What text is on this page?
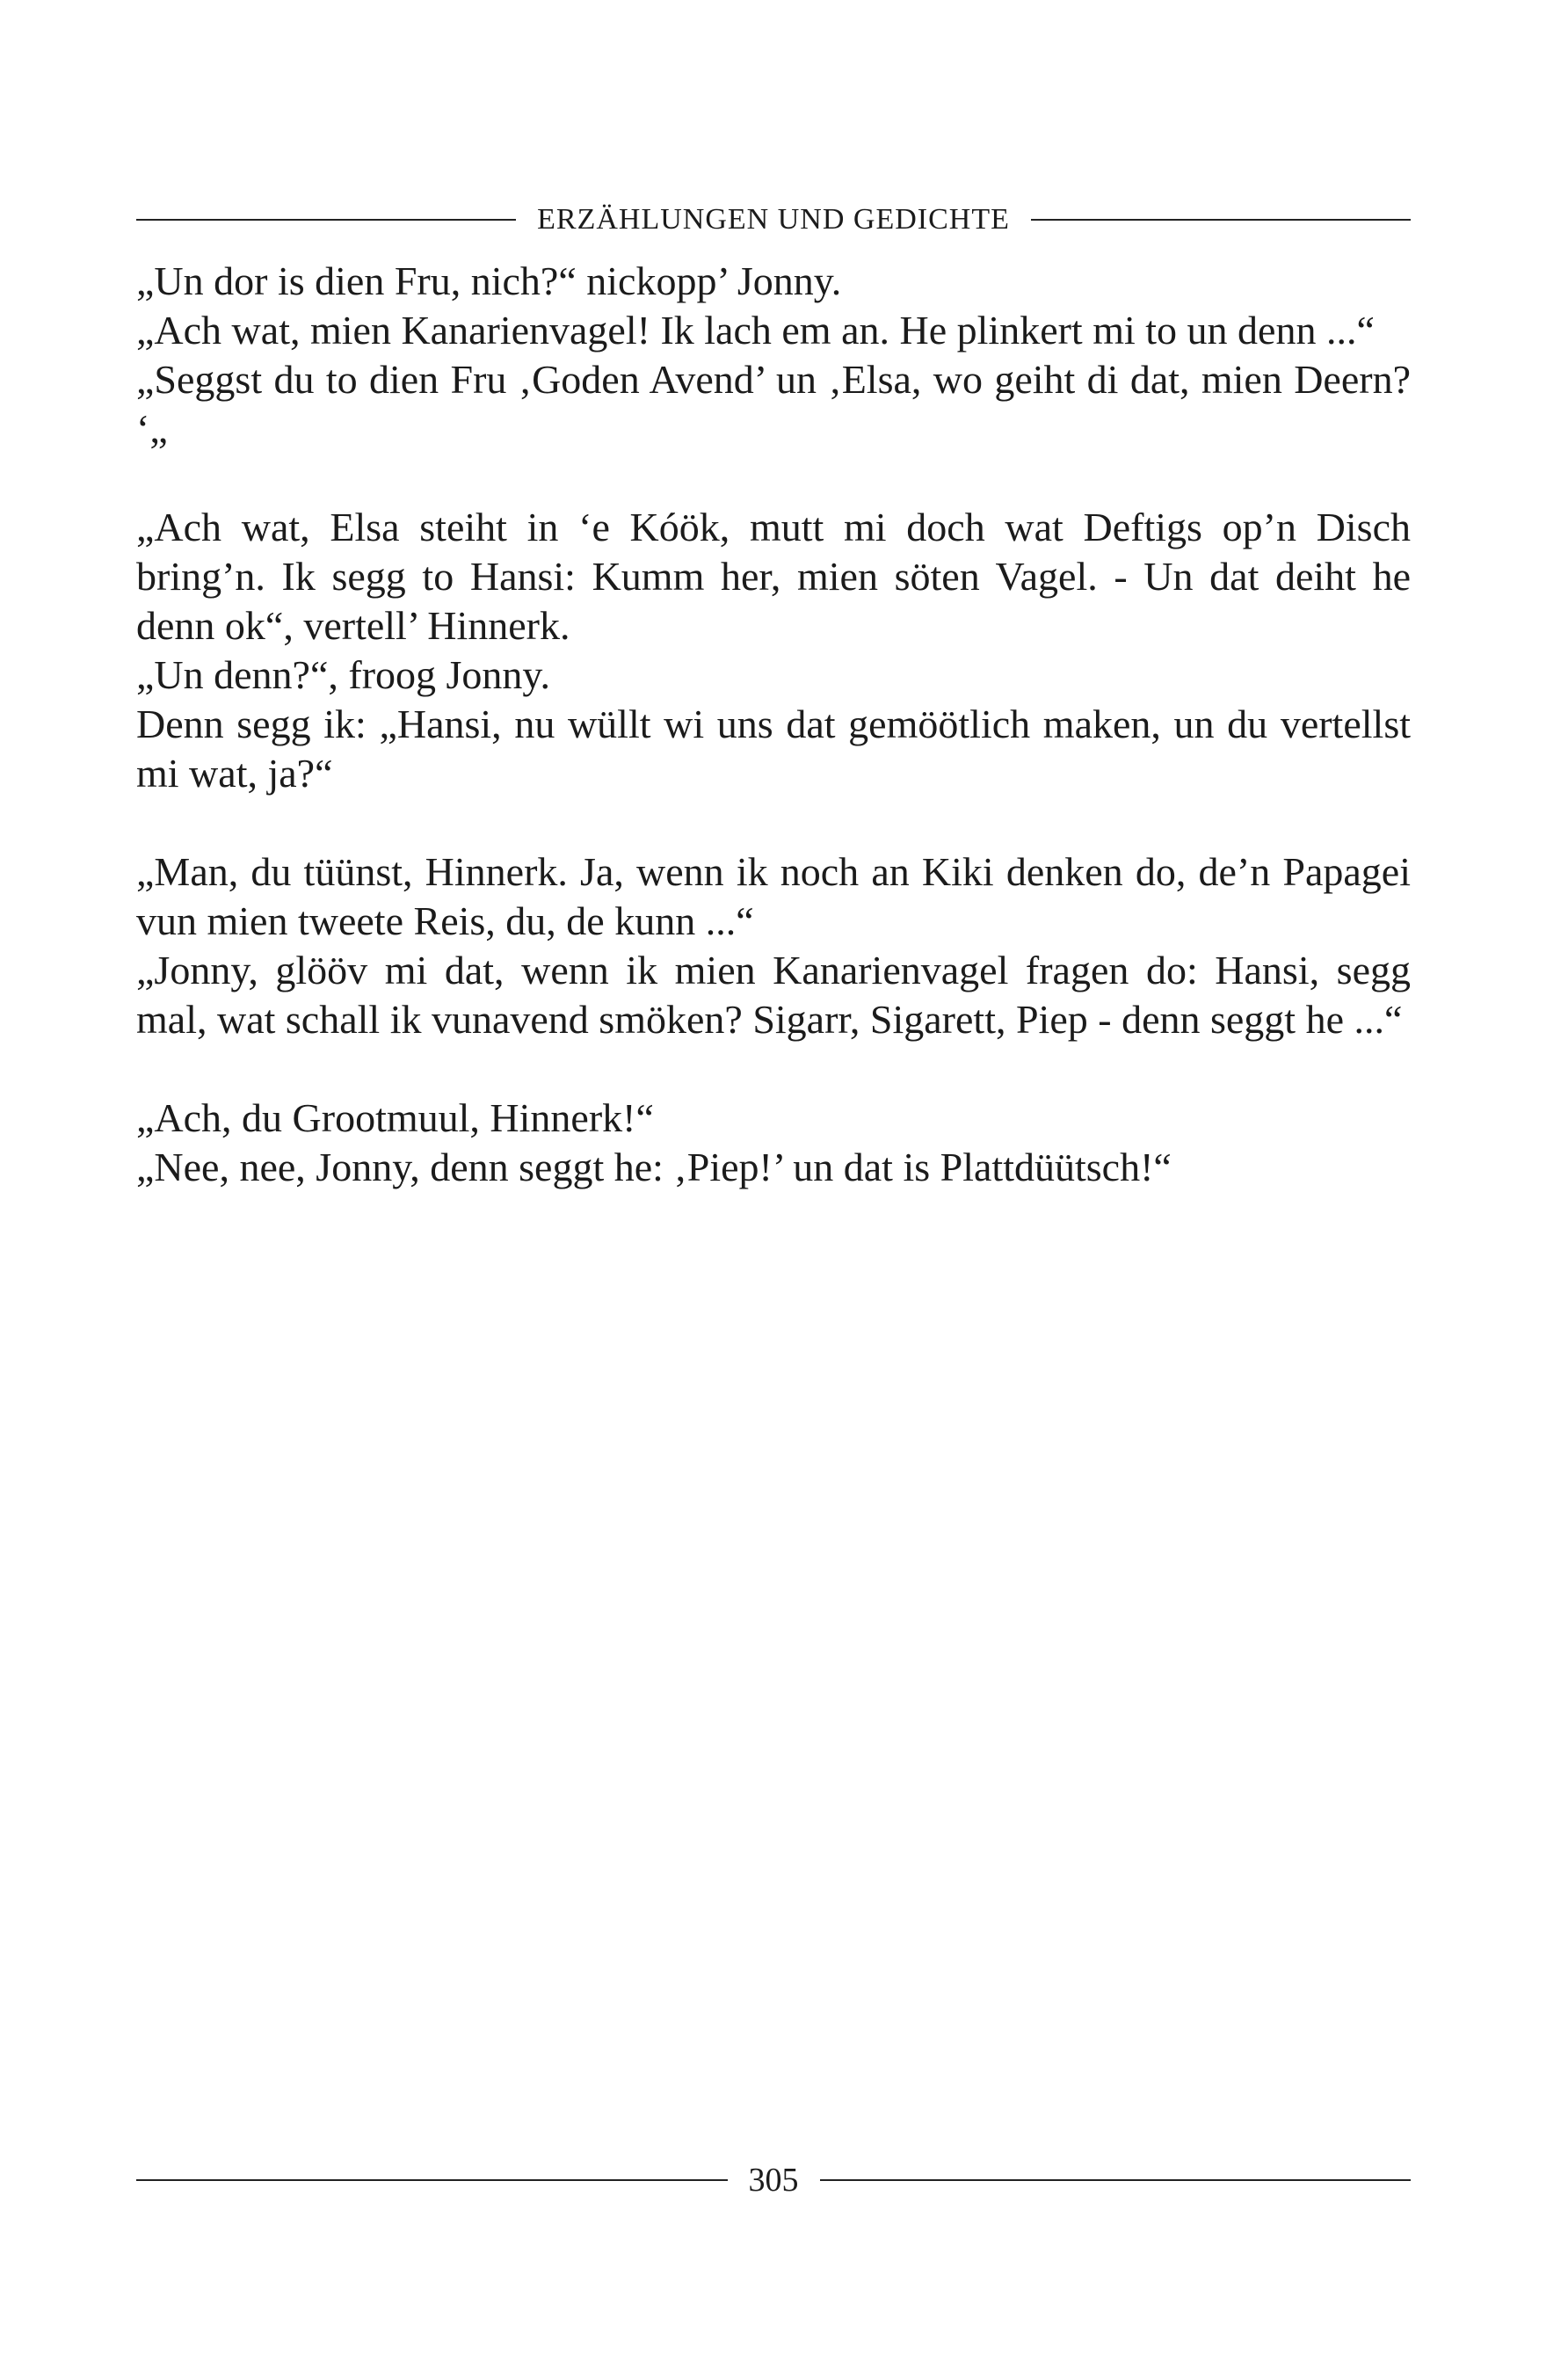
ERZÄHLUNGEN UND GEDICHTE

„Un dor is dien Fru, nich?“ nickopp’ Jonny.

„Ach wat, mien Kanarienvagel! Ik lach em an. He plinkert mi to un denn ...“

„Seggst du to dien Fru ‚Goden Avend’ un ‚Elsa, wo geiht di dat, mien Deern? ‘„

„Ach wat, Elsa steiht in ‘e Kóök, mutt mi doch wat Deftigs op’n Disch bring’n. Ik segg to Hansi: Kumm her, mien söten Vagel. - Un dat deiht he denn ok“, vertell’ Hinnerk.

„Un denn?“, froog Jonny.

Denn segg ik: „Hansi, nu wüllt wi uns dat gemöötlich maken, un du vertellst mi wat, ja?“

„Man, du tüünst, Hinnerk. Ja, wenn ik noch an Kiki denken do, de’n Papagei vun mien tweete Reis, du, de kunn ...“

„Jonny, glööv mi dat, wenn ik mien Kanarienvagel fragen do: Hansi, segg mal, wat schall ik vunavend smöken? Sigarr, Sigarett, Piep - denn seggt he ...“

„Ach, du Grootmuul, Hinnerk!“

„Nee, nee, Jonny, denn seggt he: ‚Piep!’ un dat is Plattdüütsch!“

305
